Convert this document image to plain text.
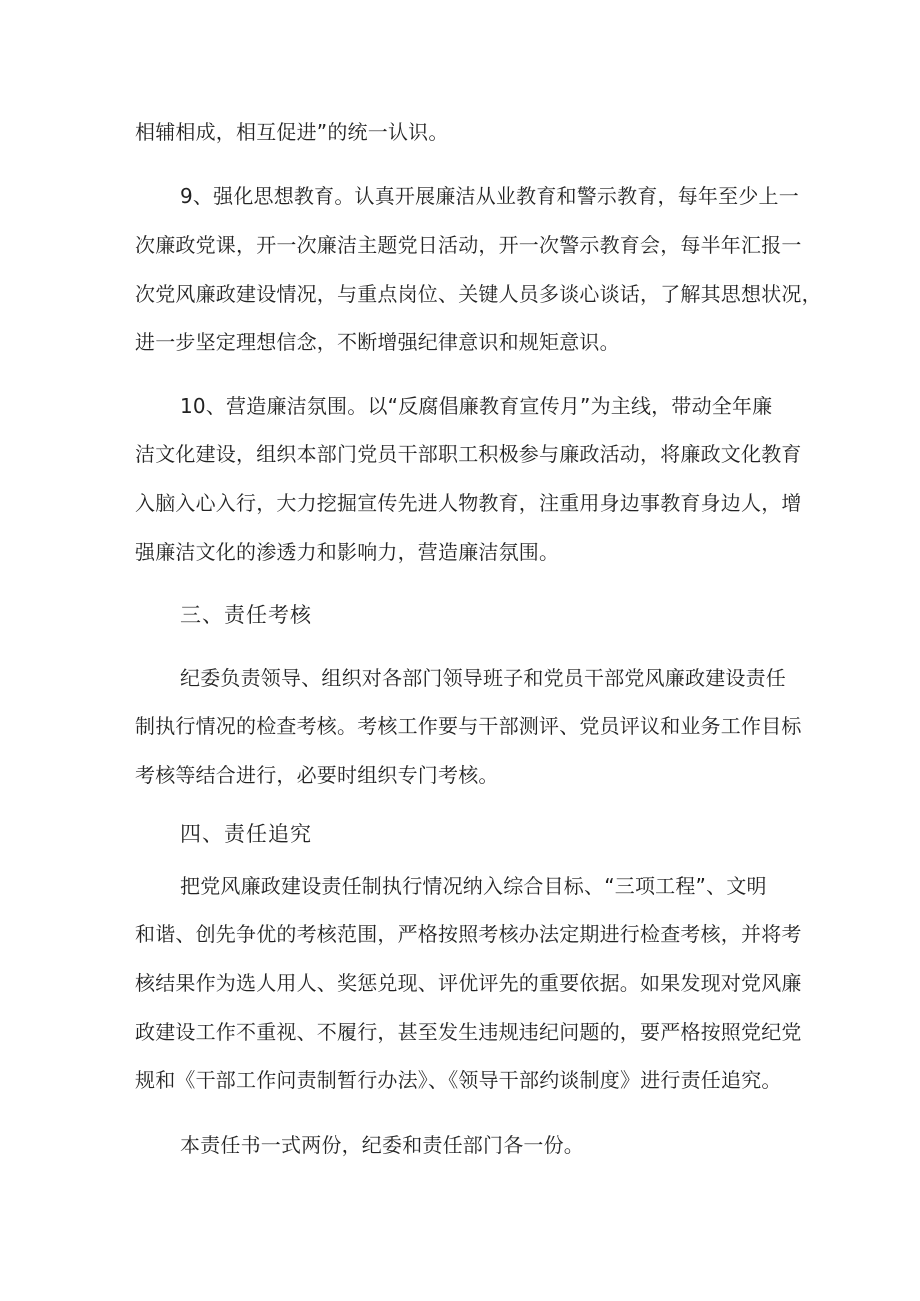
相辅相成，相互促进”的统一认识。
9、强化思想教育。认真开展廉洁从业教育和警示教育，每年至少上一
次廉政党课，开一次廉洁主题党日活动，开一次警示教育会，每半年汇报一
次党风廉政建设情况，与重点岗位、关键人员多谈心谈话，了解其思想状况，
进一步坚定理想信念，不断增强纪律意识和规矩意识。
10、营造廉洁氛围。以“反腐倡廉教育宣传月”为主线，带动全年廉
洁文化建设，组织本部门党员干部职工积极参与廉政活动，将廉政文化教育
入脑入心入行，大力挖掘宣传先进人物教育，注重用身边事教育身边人，增
强廉洁文化的渗透力和影响力，营造廉洁氛围。
三、责任考核
纪委负责领导、组织对各部门领导班子和党员干部党风廉政建设责任
制执行情况的检查考核。考核工作要与干部测评、党员评议和业务工作目标
考核等结合进行，必要时组织专门考核。
四、责任追究
把党风廉政建设责任制执行情况纳入综合目标、“三项工程”、文明
和谐、创先争优的考核范围，严格按照考核办法定期进行检查考核，并将考
核结果作为选人用人、奖惩兑现、评优评先的重要依据。如果发现对党风廉
政建设工作不重视、不履行，甚至发生违规违纪问题的，要严格按照党纪党
规和《干部工作问责制暂行办法》、《领导干部约谈制度》进行责任追究。
本责任书一式两份，纪委和责任部门各一份。
